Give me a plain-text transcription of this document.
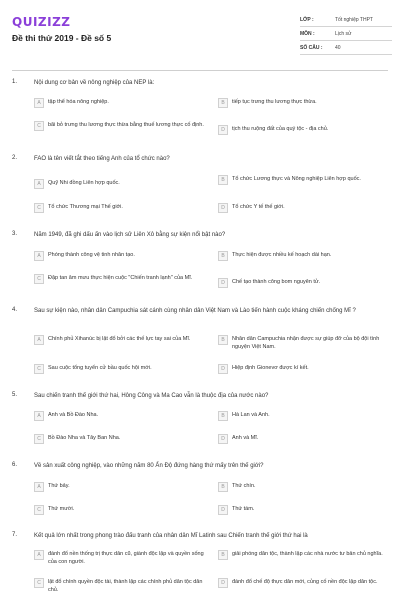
QUIZIZZ
Đề thi thử 2019 - Đề số 5
LỚP :	Tốt nghiệp THPT
MÔN :	Lịch sử
SỐ CÂU :	40
1.	Nội dung cơ bản về nông nghiệp của NEP là:
A	tập thể hóa nông nghiệp.	B	tiếp tục trưng thu lương thực thừa.
C	bãi bỏ trưng thu lương thực thừa bằng thuế lương thực cố định.
D	tịch thu ruộng đất của quý tộc - địa chủ.
2.	FAO là tên viết tắt theo tiếng Anh của tổ chức nào?
A	Quỹ Nhi đồng Liên hợp quốc.	B	Tổ chức Lương thực và Nông nghiệp Liên hợp quốc.
C	Tổ chức Thương mại Thế giới.	D	Tổ chức Y tế thế giới.
3.	Năm 1949, đã ghi dấu ấn vào lịch sử Liên Xô bằng sự kiện nổi bật nào?
A	Phóng thành công vệ tinh nhân tạo.	B	Thực hiện được nhiều kế hoạch dài hạn.
C	Đập tan âm mưu thực hiện cuộc "Chiến tranh lạnh" của Mĩ.
D	Chế tạo thành công bom nguyên tử.
4.	Sau sự kiện nào, nhân dân Campuchia sát cánh cùng nhân dân Việt Nam và Lào tiến hành cuộc kháng chiến chống Mĩ ?
A	Chính phủ Xihanúc bị lật đổ bởi các thế lực tay sai của Mĩ.	B	Nhân dân Campuchia nhận được sự giúp đỡ của bộ đội tình nguyện Việt Nam.
C	Sau cuộc tổng tuyển cử bầu quốc hội mới.	D	Hiệp định Gionevơ được kí kết.
5.	Sau chiến tranh thế giới thứ hai, Hông Công và Ma Cao vẫn là thuộc địa của nước nào?
A	Anh và Bồ Đào Nha.	B	Hà Lan và Anh.
C	Bồ Đào Nha và Tây Ban Nha.	D	Anh và Mĩ.
6.	Về sản xuất công nghiệp, vào những năm 80 Ấn Độ đứng hàng thứ mấy trên thế giới?
A	Thứ bảy.	B	Thứ chín.
C	Thứ mười.	D	Thứ tám.
7.	Kết quả lớn nhất trong phong trào đấu tranh của nhân dân Mĩ Latinh sau Chiến tranh thế giới thứ hai là
A	đánh đổ nền thống trị thực dân cũ, giành độc lập và quyền sống của con người.
B	giải phóng dân tộc, thành lập các nhà nước tư bản chủ nghĩa.
C	lật đổ chính quyền độc tài, thành lập các chính phủ dân tộc dân chủ.
D	đánh đổ chế độ thực dân mới, củng cố nền độc lập dân tộc.
